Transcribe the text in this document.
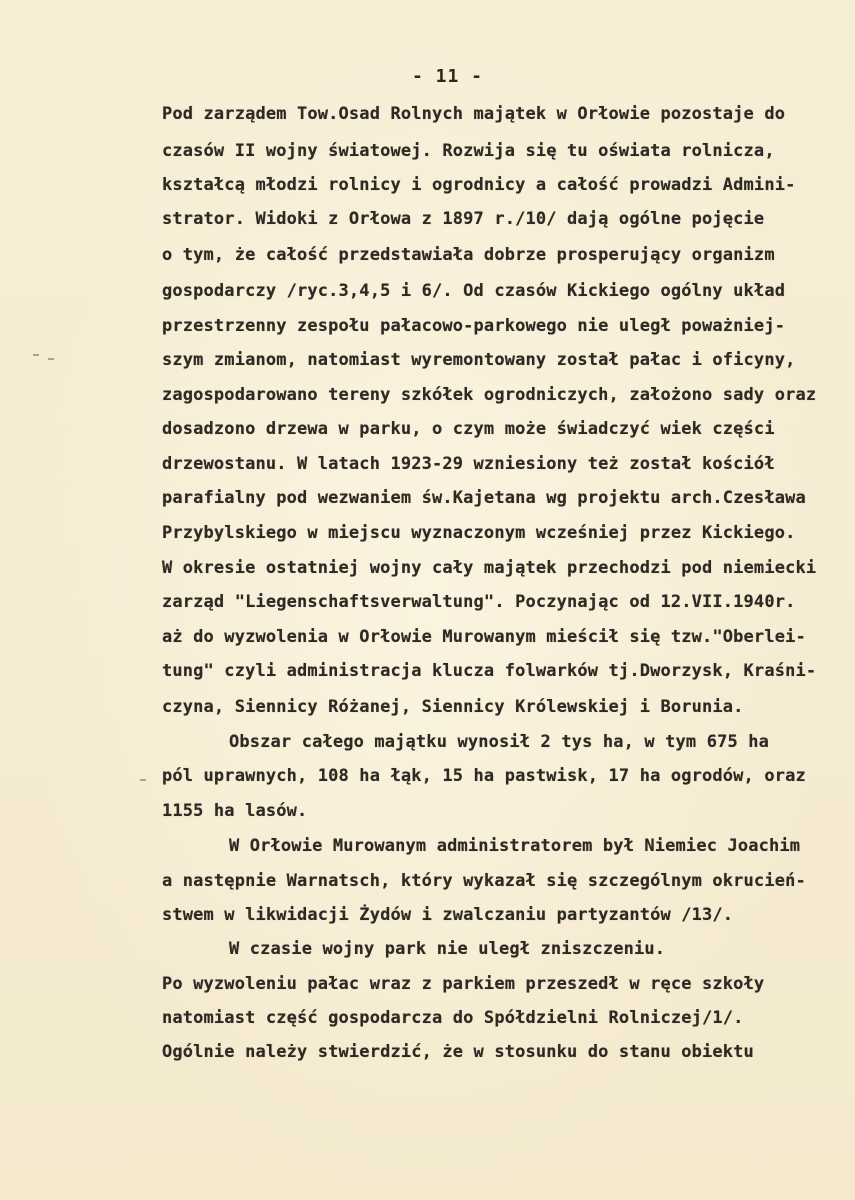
- 11 -
Pod zarządem Tow.Osad Rolnych majątek w Orłowie pozostaje do
czasów II wojny światowej. Rozwija się tu oświata rolnicza,
kształcą młodzi rolnicy i ogrodnicy a całość prowadzi Admini-
strator. Widoki z Orłowa z 1897 r./10/ dają ogólne pojęcie
o tym, że całość przedstawiała dobrze prosperujący organizm
gospodarczy /ryc.3,4,5 i 6/. Od czasów Kickiego ogólny układ
przestrzenny zespołu pałacowo-parkowego nie uległ poważniej-
szym zmianom, natomiast wyremontowany został pałac i oficyny,
zagospodarowano tereny szkółek ogrodniczych, założono sady oraz
dosadzono drzewa w parku, o czym może świadczyć wiek części
drzewostanu. W latach 1923-29 wzniesiony też został kościół
parafialny pod wezwaniem św.Kajetana wg projektu arch.Czesława
Przybylskiego w miejscu wyznaczonym wcześniej przez Kickiego.
W okresie ostatniej wojny cały majątek przechodzi pod niemiecki
zarząd "Liegenschaftsverwaltung". Poczynając od 12.VII.1940r.
aż do wyzwolenia w Orłowie Murowanym mieścił się tzw."Oberlei-
tung" czyli administracja klucza folwarków tj.Dworzysk, Kraśni-
czyna, Siennicy Różanej, Siennicy Królewskiej i Borunia.
Obszar całego majątku wynosił 2 tys ha, w tym 675 ha
pól uprawnych, 108 ha łąk, 15 ha pastwisk, 17 ha ogrodów, oraz
1155 ha lasów.
W Orłowie Murowanym administratorem był Niemiec Joachim
a następnie Warnatsch, który wykazał się szczególnym okrucień-
stwem w likwidacji Żydów i zwalczaniu partyzantów /13/.
W czasie wojny park nie uległ zniszczeniu.
Po wyzwoleniu pałac wraz z parkiem przeszedł w ręce szkoły
natomiast część gospodarcza do Spółdzielni Rolniczej/1/.
Ogólnie należy stwierdzić, że w stosunku do stanu obiektu
